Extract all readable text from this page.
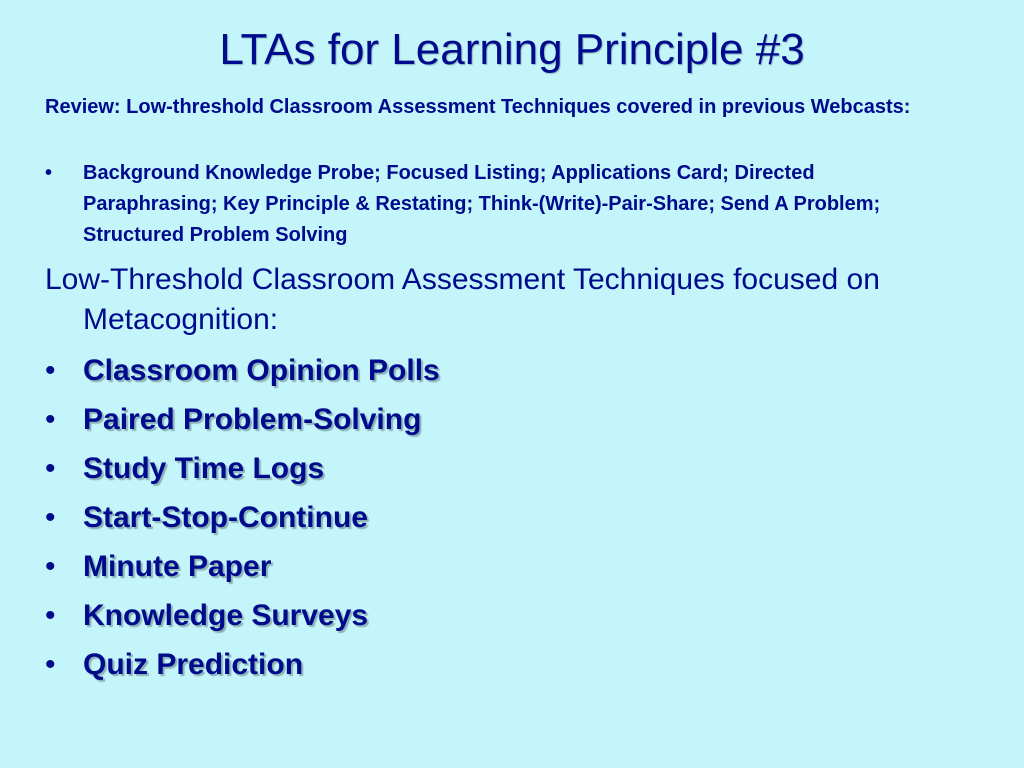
LTAs for Learning Principle #3
Review: Low-threshold Classroom Assessment Techniques covered in previous Webcasts:
•	Background Knowledge Probe; Focused Listing; Applications Card; Directed Paraphrasing; Key Principle & Restating; Think-(Write)-Pair-Share; Send A Problem; Structured Problem Solving
Low-Threshold Classroom Assessment Techniques focused on Metacognition:
• Classroom Opinion Polls
• Paired Problem-Solving
• Study Time Logs
• Start-Stop-Continue
• Minute Paper
• Knowledge Surveys
• Quiz Prediction
